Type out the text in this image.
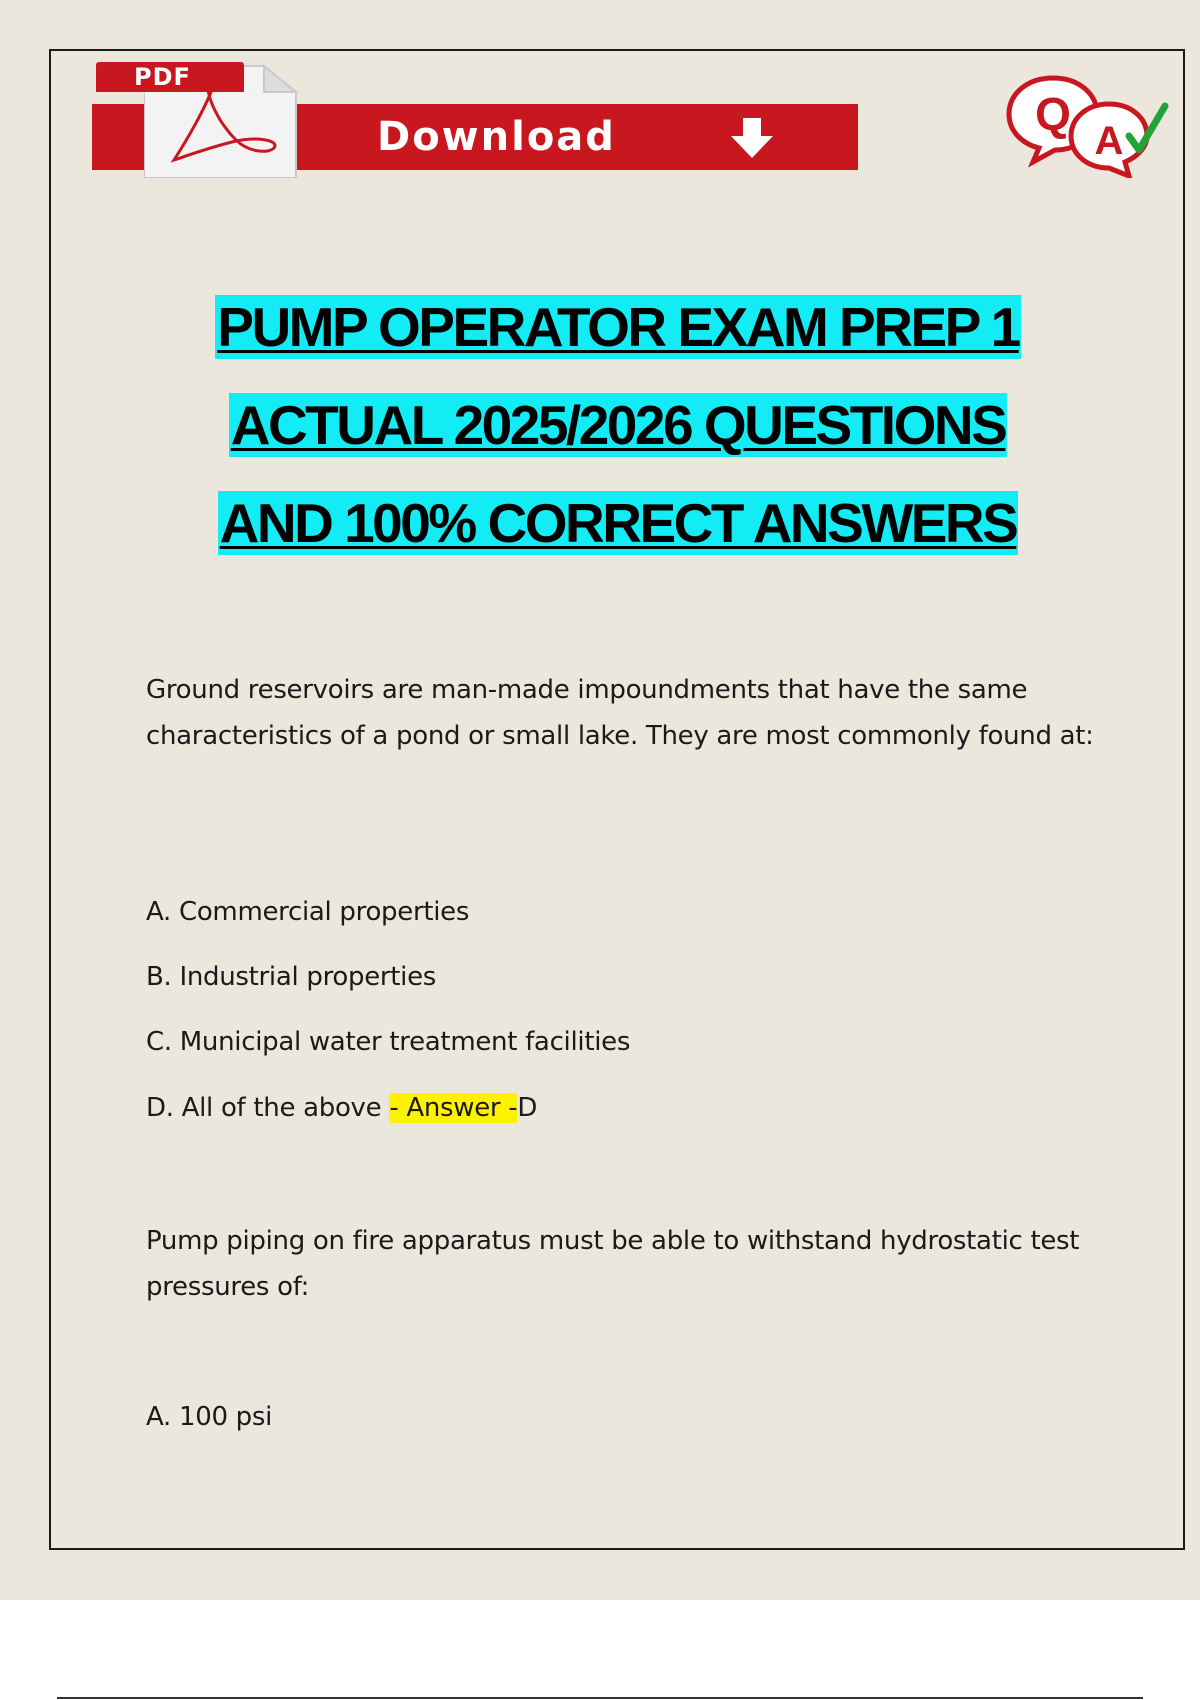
Download
PDF
Q
A
PUMP OPERATOR EXAM PREP 1
ACTUAL 2025/2026 QUESTIONS
AND 100% CORRECT ANSWERS
Ground reservoirs are man-made impoundments that have the same characteristics of a pond or small lake. They are most commonly found at:
A. Commercial properties
B. Industrial properties
C. Municipal water treatment facilities
D. All of the above - Answer -D
Pump piping on fire apparatus must be able to withstand hydrostatic test pressures of:
A. 100 psi
